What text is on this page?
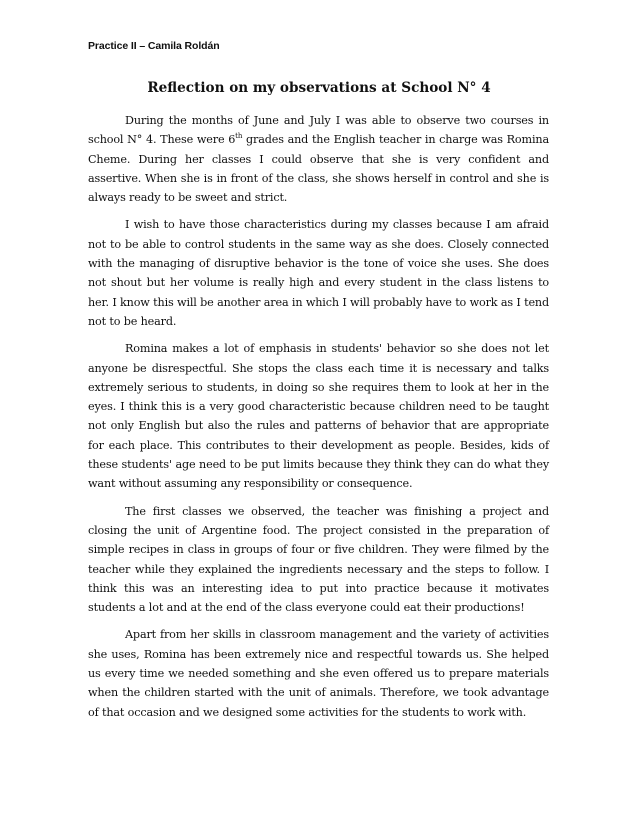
Practice II – Camila Roldán

Reflection on my observations at School N° 4

During the months of June and July I was able to observe two courses in school N° 4. These were 6th grades and the English teacher in charge was Romina Cheme. During her classes I could observe that she is very confident and assertive. When she is in front of the class, she shows herself in control and she is always ready to be sweet and strict.

I wish to have those characteristics during my classes because I am afraid not to be able to control students in the same way as she does. Closely connected with the managing of disruptive behavior is the tone of voice she uses. She does not shout but her volume is really high and every student in the class listens to her. I know this will be another area in which I will probably have to work as I tend not to be heard.

Romina makes a lot of emphasis in students' behavior so she does not let anyone be disrespectful. She stops the class each time it is necessary and talks extremely serious to students, in doing so she requires them to look at her in the eyes. I think this is a very good characteristic because children need to be taught not only English but also the rules and patterns of behavior that are appropriate for each place. This contributes to their development as people. Besides, kids of these students' age need to be put limits because they think they can do what they want without assuming any responsibility or consequence.

The first classes we observed, the teacher was finishing a project and closing the unit of Argentine food. The project consisted in the preparation of simple recipes in class in groups of four or five children. They were filmed by the teacher while they explained the ingredients necessary and the steps to follow. I think this was an interesting idea to put into practice because it motivates students a lot and at the end of the class everyone could eat their productions!

Apart from her skills in classroom management and the variety of activities she uses, Romina has been extremely nice and respectful towards us. She helped us every time we needed something and she even offered us to prepare materials when the children started with the unit of animals. Therefore, we took advantage of that occasion and we designed some activities for the students to work with.
